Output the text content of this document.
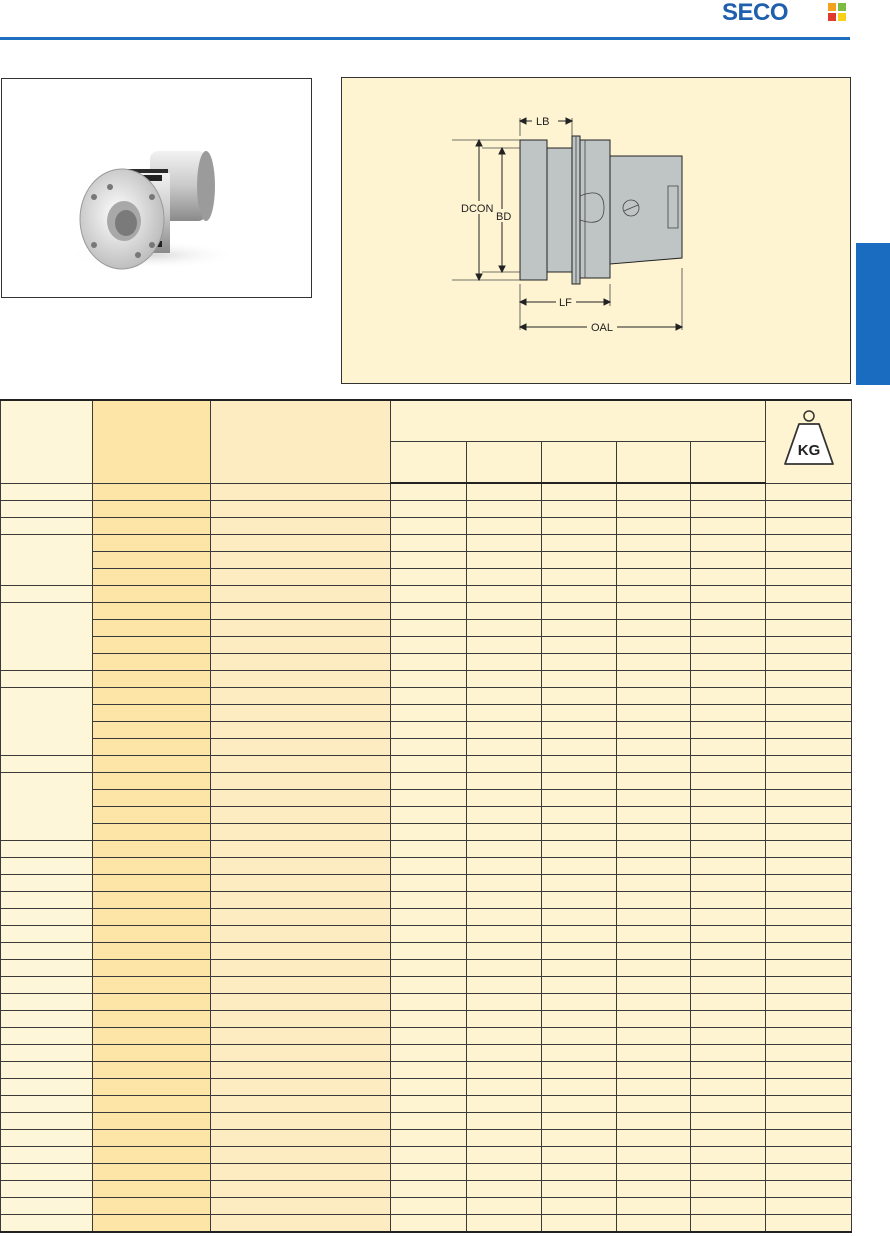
SECO
LB
DCON
BD
LF
OAL

KG
